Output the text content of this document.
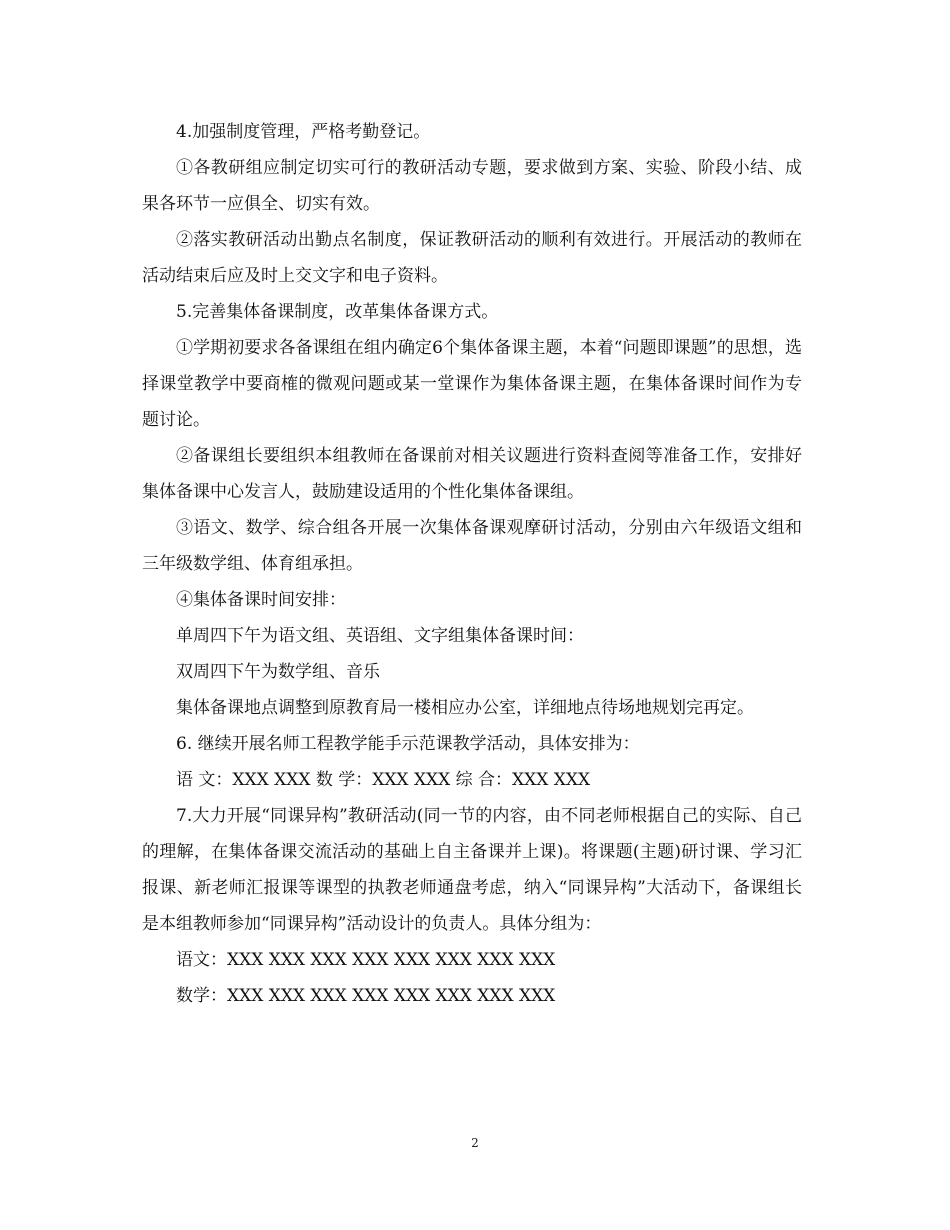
4.加强制度管理，严格考勤登记。

①各教研组应制定切实可行的教研活动专题，要求做到方案、实验、阶段小结、成果各环节一应俱全、切实有效。

②落实教研活动出勤点名制度，保证教研活动的顺利有效进行。开展活动的教师在活动结束后应及时上交文字和电子资料。

5.完善集体备课制度，改革集体备课方式。

①学期初要求各备课组在组内确定6个集体备课主题，本着“问题即课题”的思想，选择课堂教学中要商榷的微观问题或某一堂课作为集体备课主题，在集体备课时间作为专题讨论。

②备课组长要组织本组教师在备课前对相关议题进行资料查阅等准备工作，安排好集体备课中心发言人，鼓励建设适用的个性化集体备课组。

③语文、数学、综合组各开展一次集体备课观摩研讨活动，分别由六年级语文组和三年级数学组、体育组承担。

④集体备课时间安排：

单周四下午为语文组、英语组、文字组集体备课时间：

双周四下午为数学组、音乐

集体备课地点调整到原教育局一楼相应办公室，详细地点待场地规划完再定。

6. 继续开展名师工程教学能手示范课教学活动，具体安排为：

语 文：XXX XXX 数 学：XXX XXX 综 合：XXX XXX

7.大力开展“同课异构”教研活动(同一节的内容，由不同老师根据自己的实际、自己的理解，在集体备课交流活动的基础上自主备课并上课)。将课题(主题)研讨课、学习汇报课、新老师汇报课等课型的执教老师通盘考虑，纳入“同课异构”大活动下，备课组长是本组教师参加“同课异构”活动设计的负责人。具体分组为：

语文：XXX XXX XXX XXX XXX XXX XXX XXX

数学：XXX XXX XXX XXX XXX XXX XXX XXX

2
